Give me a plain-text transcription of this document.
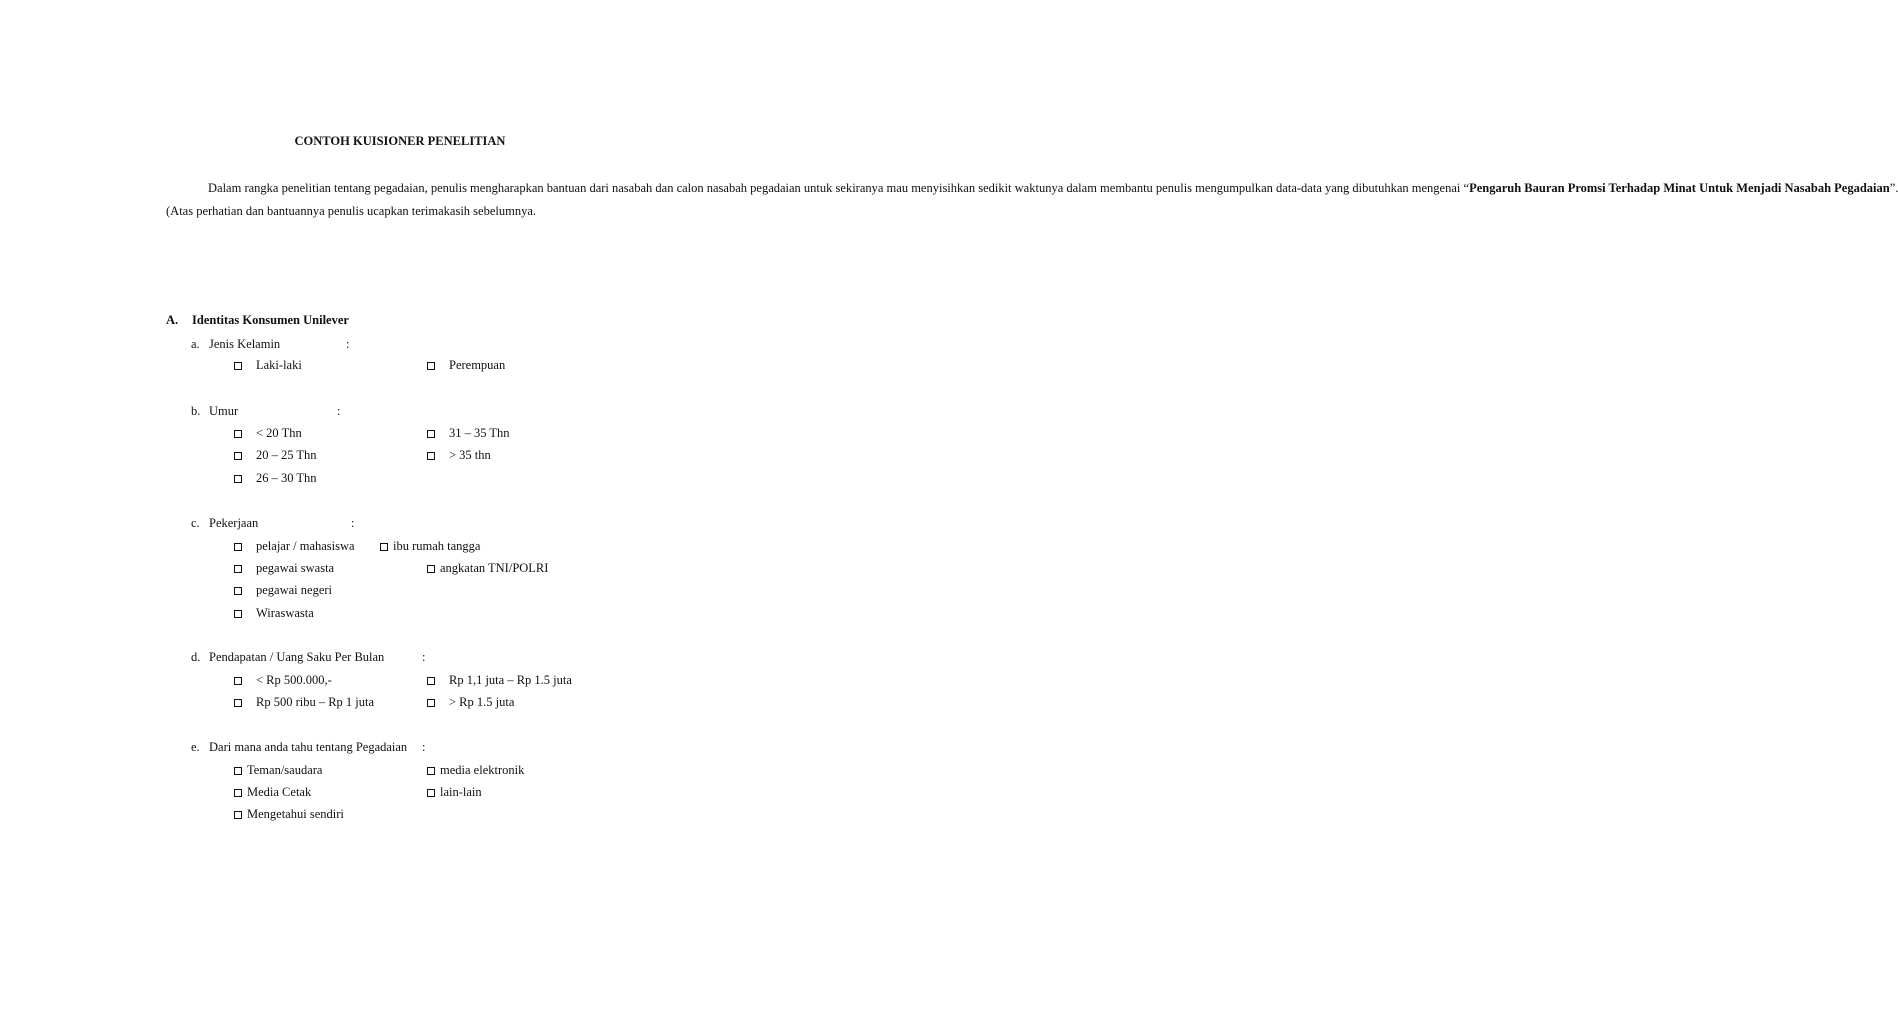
CONTOH KUISIONER PENELITIAN

Dalam rangka penelitian tentang pegadaian, penulis mengharapkan bantuan dari nasabah dan calon nasabah pegadaian untuk sekiranya mau menyisihkan sedikit waktunya dalam membantu penulis mengumpulkan data-data yang dibutuhkan mengenai “Pengaruh Bauran Promsi Terhadap Minat Untuk Menjadi Nasabah Pegadaian”.

(Atas perhatian dan bantuannya penulis ucapkan terimakasih sebelumnya.

A. Identitas Konsumen Unilever
a. Jenis Kelamin	:
Laki-laki	Perempuan
b. Umur	:
< 20 Thn	31 – 35 Thn
20 – 25 Thn	> 35 thn
26 – 30 Thn
c. Pekerjaan	:
pelajar / mahasiswa	ibu rumah tangga
pegawai swasta	angkatan TNI/POLRI
pegawai negeri
Wiraswasta
d. Pendapatan / Uang Saku Per Bulan	:
< Rp 500.000,-	Rp 1,1 juta – Rp 1.5 juta
Rp 500 ribu – Rp 1 juta	> Rp 1.5 juta
e. Dari mana anda tahu tentang Pegadaian :
Teman/saudara	media elektronik
Media Cetak	lain-lain
Mengetahui sendiri
